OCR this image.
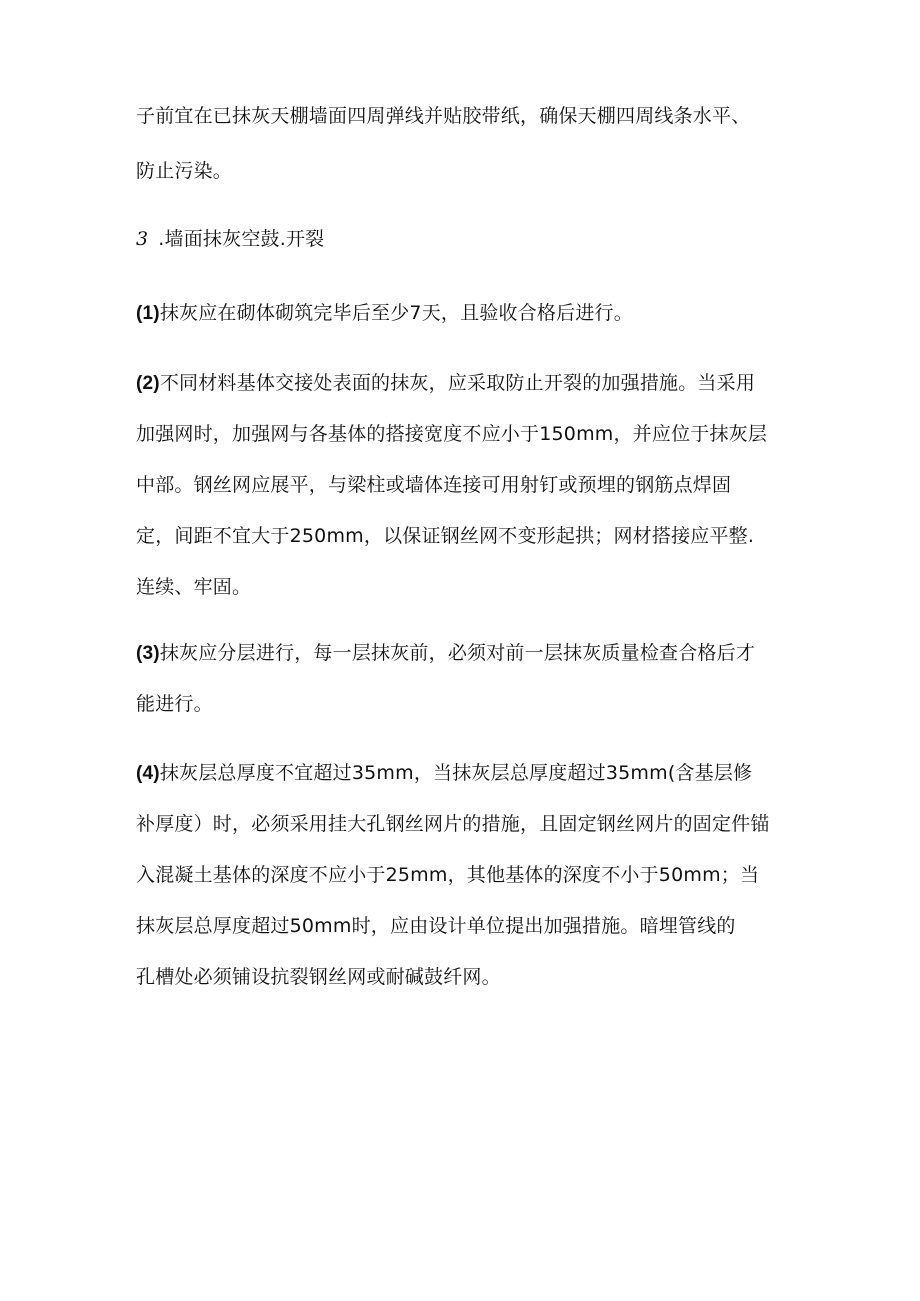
子前宜在已抹灰天棚墙面四周弹线并贴胶带纸，确保天棚四周线条水平、
防止污染。
3 .墙面抹灰空鼓.开裂
(1)抹灰应在砌体砌筑完毕后至少7天，且验收合格后进行。
(2)不同材料基体交接处表面的抹灰，应采取防止开裂的加强措施。当采用
加强网时，加强网与各基体的搭接宽度不应小于150mm，并应位于抹灰层
中部。钢丝网应展平，与梁柱或墙体连接可用射钉或预埋的钢筋点焊固
定，间距不宜大于250mm，以保证钢丝网不变形起拱；网材搭接应平整.
连续、牢固。
(3)抹灰应分层进行，每一层抹灰前，必须对前一层抹灰质量检查合格后才
能进行。
(4)抹灰层总厚度不宜超过35mm，当抹灰层总厚度超过35mm(含基层修
补厚度）时，必须采用挂大孔钢丝网片的措施，且固定钢丝网片的固定件锚
入混凝土基体的深度不应小于25mm，其他基体的深度不小于50mm；当
抹灰层总厚度超过50mm时，应由设计单位提出加强措施。暗埋管线的
孔槽处必须铺设抗裂钢丝网或耐碱鼓纤网。
